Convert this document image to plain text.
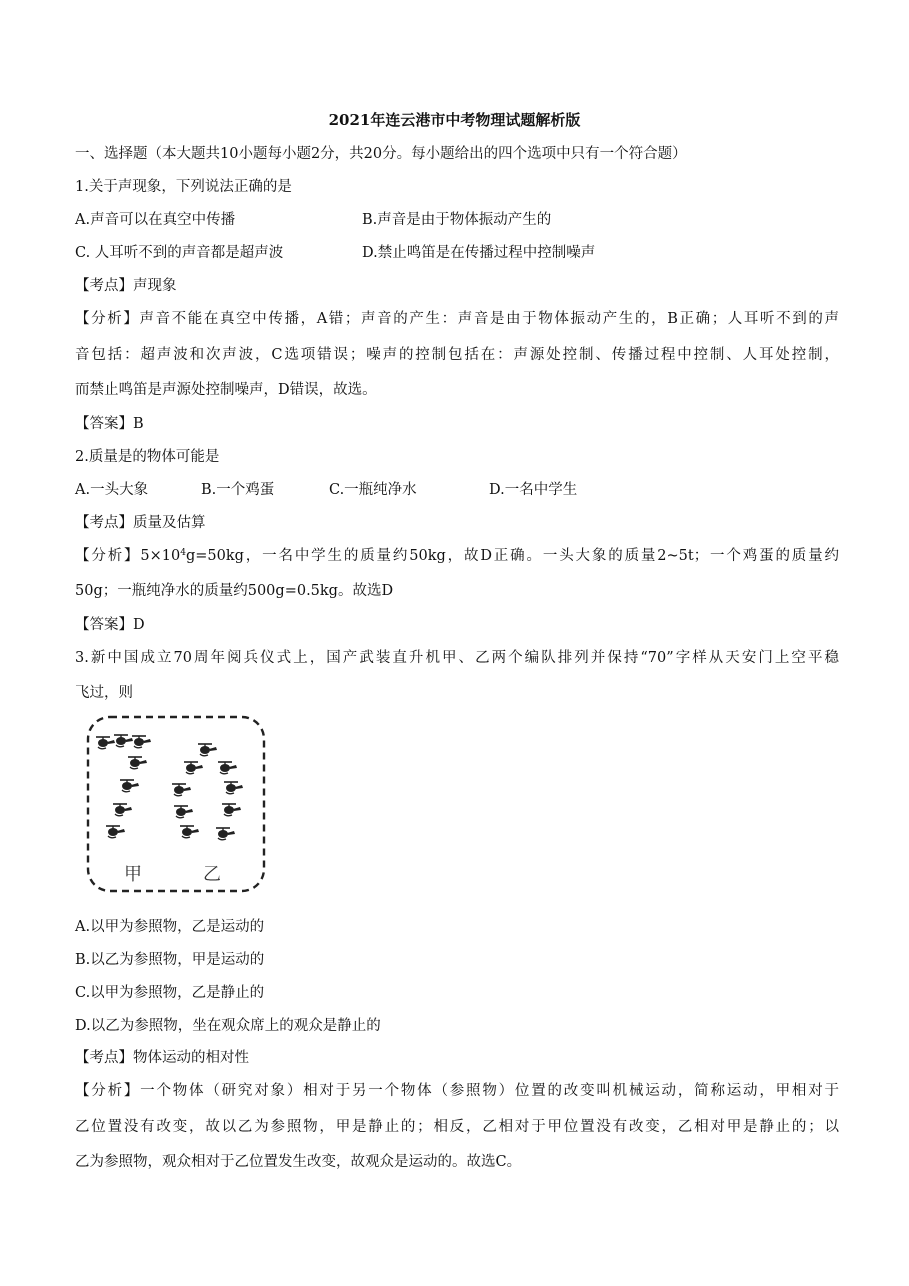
2021年连云港市中考物理试题解析版
一、选择题（本大题共10小题每小题2分，共20分。每小题给出的四个选项中只有一个符合题）
1.关于声现象，下列说法正确的是
A.声音可以在真空中传播	B.声音是由于物体振动产生的
C. 人耳听不到的声音都是超声波	D.禁止鸣笛是在传播过程中控制噪声
【考点】声现象
【分析】声音不能在真空中传播，A错；声音的产生：声音是由于物体振动产生的，B正确；人耳听不到的声
音包括：超声波和次声波，C选项错误；噪声的控制包括在：声源处控制、传播过程中控制、人耳处控制，
而禁止鸣笛是声源处控制噪声，D错误，故选。
【答案】B
2.质量是的物体可能是
A.一头大象	B.一个鸡蛋	C.一瓶纯净水	D.一名中学生
【考点】质量及估算
【分析】$5\times 10^4g=50kg$，一名中学生的质量约50kg，故D正确。一头大象的质量2~5t；一个鸡蛋的质量约
50g；一瓶纯净水的质量约500g=0.5kg。故选D
【答案】D
3.新中国成立70周年阅兵仪式上，国产武装直升机甲、乙两个编队排列并保持“70”字样从天安门上空平稳
飞过，则
甲	乙
A.以甲为参照物，乙是运动的
B.以乙为参照物，甲是运动的
C.以甲为参照物，乙是静止的
D.以乙为参照物，坐在观众席上的观众是静止的
【考点】物体运动的相对性
【分析】一个物体（研究对象）相对于另一个物体（参照物）位置的改变叫机械运动，简称运动，甲相对于
乙位置没有改变，故以乙为参照物，甲是静止的；相反，乙相对于甲位置没有改变，乙相对甲是静止的；以
乙为参照物，观众相对于乙位置发生改变，故观众是运动的。故选C。
